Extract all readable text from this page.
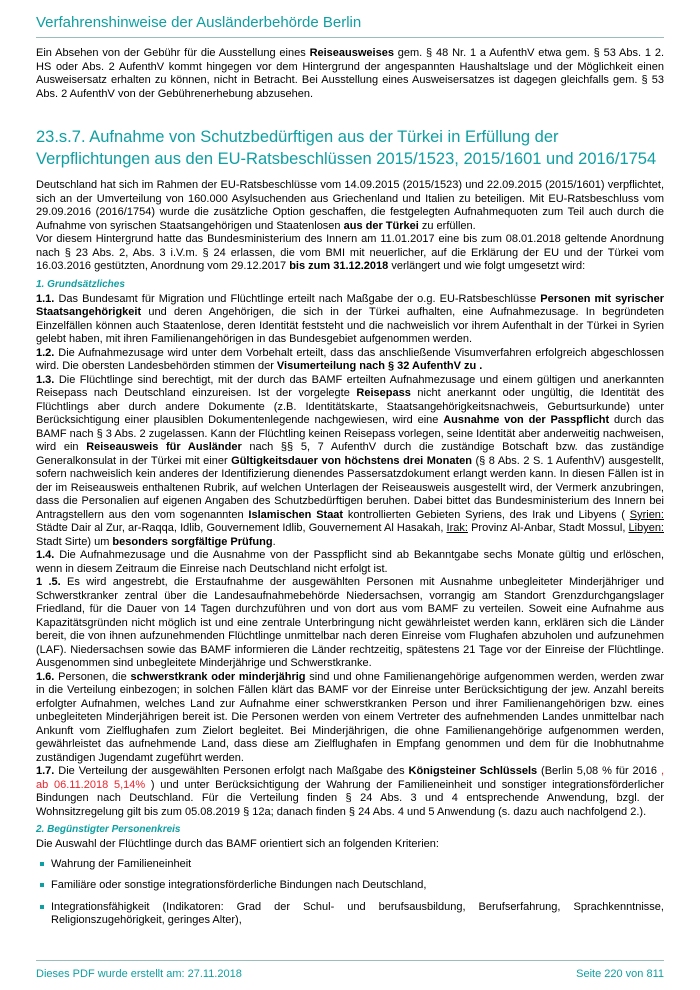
Verfahrenshinweise der Ausländerbehörde Berlin

Ein Absehen von der Gebühr für die Ausstellung eines Reiseausweises gem. § 48 Nr. 1 a AufenthV etwa gem. § 53 Abs. 1 2. HS oder Abs. 2 AufenthV kommt hingegen vor dem Hintergrund der angespannten Haushaltslage und der Möglichkeit einen Ausweisersatz erhalten zu können, nicht in Betracht. Bei Ausstellung eines Ausweisersatzes ist dagegen gleichfalls gem. § 53 Abs. 2 AufenthV von der Gebührenerhebung abzusehen.

23.s.7. Aufnahme von Schutzbedürftigen aus der Türkei in Erfüllung der Verpflichtungen aus den EU-Ratsbeschlüssen 2015/1523, 2015/1601 und 2016/1754

Deutschland hat sich im Rahmen der EU-Ratsbeschlüsse vom 14.09.2015 (2015/1523) und 22.09.2015 (2015/1601) verpflichtet, sich an der Umverteilung von 160.000 Asylsuchenden aus Griechenland und Italien zu beteiligen. Mit EU-Ratsbeschluss vom 29.09.2016 (2016/1754) wurde die zusätzliche Option geschaffen, die festgelegten Aufnahmequoten zum Teil auch durch die Aufnahme von syrischen Staatsangehörigen und Staatenlosen aus der Türkei zu erfüllen.

Vor diesem Hintergrund hatte das Bundesministerium des Innern am 11.01.2017 eine bis zum 08.01.2018 geltende Anordnung nach § 23 Abs. 2, Abs. 3 i.V.m. § 24 erlassen, die vom BMI mit neuerlicher, auf die Erklärung der EU und der Türkei vom 16.03.2016 gestützten, Anordnung vom 29.12.2017 bis zum 31.12.2018 verlängert und wie folgt umgesetzt wird:

1. Grundsätzliches

1.1. Das Bundesamt für Migration und Flüchtlinge erteilt nach Maßgabe der o.g. EU-Ratsbeschlüsse Personen mit syrischer Staatsangehörigkeit und deren Angehörigen, die sich in der Türkei aufhalten, eine Aufnahmezusage. In begründeten Einzelfällen können auch Staatenlose, deren Identität feststeht und die nachweislich vor ihrem Aufenthalt in der Türkei in Syrien gelebt haben, mit ihren Familienangehörigen in das Bundesgebiet aufgenommen werden.

1.2. Die Aufnahmezusage wird unter dem Vorbehalt erteilt, dass das anschließende Visumverfahren erfolgreich abgeschlossen wird. Die obersten Landesbehörden stimmen der Visumerteilung nach § 32 AufenthV zu .

1.3. Die Flüchtlinge sind berechtigt, mit der durch das BAMF erteilten Aufnahmezusage und einem gültigen und anerkannten Reisepass nach Deutschland einzureisen. Ist der vorgelegte Reisepass nicht anerkannt oder ungültig, die Identität des Flüchtlings aber durch andere Dokumente (z.B. Identitätskarte, Staatsangehörigkeitsnachweis, Geburtsurkunde) unter Berücksichtigung einer plausiblen Dokumentenlegende nachgewiesen, wird eine Ausnahme von der Passpflicht durch das BAMF nach § 3 Abs. 2 zugelassen. Kann der Flüchtling keinen Reisepass vorlegen, seine Identität aber anderweitig nachweisen, wird ein Reiseausweis für Ausländer nach §§ 5, 7 AufenthV durch die zuständige Botschaft bzw. das zuständige Generalkonsulat in der Türkei mit einer Gültigkeitsdauer von höchstens drei Monaten (§ 8 Abs. 2 S. 1 AufenthV) ausgestellt, sofern nachweislich kein anderes der Identifizierung dienendes Passersatzdokument erlangt werden kann. In diesen Fällen ist in der im Reiseausweis enthaltenen Rubrik, auf welchen Unterlagen der Reiseausweis ausgestellt wird, der Vermerk anzubringen, dass die Personalien auf eigenen Angaben des Schutzbedürftigen beruhen. Dabei bittet das Bundesministerium des Innern bei Antragstellern aus den vom sogenannten Islamischen Staat kontrollierten Gebieten Syriens, des Irak und Libyens ( Syrien: Städte Dair al Zur, ar-Raqqa, Idlib, Gouvernement Idlib, Gouvernement Al Hasakah, Irak: Provinz Al-Anbar, Stadt Mossul, Libyen: Stadt Sirte) um besonders sorgfältige Prüfung.

1.4. Die Aufnahmezusage und die Ausnahme von der Passpflicht sind ab Bekanntgabe sechs Monate gültig und erlöschen, wenn in diesem Zeitraum die Einreise nach Deutschland nicht erfolgt ist.

1 .5. Es wird angestrebt, die Erstaufnahme der ausgewählten Personen mit Ausnahme unbegleiteter Minderjähriger und Schwerstkranker zentral über die Landesaufnahmebehörde Niedersachsen, vorrangig am Standort Grenzdurchgangslager Friedland, für die Dauer von 14 Tagen durchzuführen und von dort aus vom BAMF zu verteilen. Soweit eine Aufnahme aus Kapazitätsgründen nicht möglich ist und eine zentrale Unterbringung nicht gewährleistet werden kann, erklären sich die Länder bereit, die von ihnen aufzunehmenden Flüchtlinge unmittelbar nach deren Einreise vom Flughafen abzuholen und aufzunehmen (LAF). Niedersachsen sowie das BAMF informieren die Länder rechtzeitig, spätestens 21 Tage vor der Einreise der Flüchtlinge. Ausgenommen sind unbegleitete Minderjährige und Schwerstkranke.

1.6. Personen, die schwerstkrank oder minderjährig sind und ohne Familienangehörige aufgenommen werden, werden zwar in die Verteilung einbezogen; in solchen Fällen klärt das BAMF vor der Einreise unter Berücksichtigung der jew. Anzahl bereits erfolgter Aufnahmen, welches Land zur Aufnahme einer schwerstkranken Person und ihrer Familienangehörigen bzw. eines unbegleiteten Minderjährigen bereit ist. Die Personen werden von einem Vertreter des aufnehmenden Landes unmittelbar nach Ankunft vom Zielflughafen zum Zielort begleitet. Bei Minderjährigen, die ohne Familienangehörige aufgenommen werden, gewährleistet das aufnehmende Land, dass diese am Zielflughafen in Empfang genommen und dem für die Inobhutnahme zuständigen Jugendamt zugeführt werden.

1.7. Die Verteilung der ausgewählten Personen erfolgt nach Maßgabe des Königsteiner Schlüssels (Berlin 5,08 % für 2016 , ab 06.11.2018 5,14% ) und unter Berücksichtigung der Wahrung der Familieneinheit und sonstiger integrationsförderlicher Bindungen nach Deutschland. Für die Verteilung finden § 24 Abs. 3 und 4 entsprechende Anwendung, bzgl. der Wohnsitzregelung gilt bis zum 05.08.2019 § 12a; danach finden § 24 Abs. 4 und 5 Anwendung (s. dazu auch nachfolgend 2.).

2. Begünstigter Personenkreis

Die Auswahl der Flüchtlinge durch das BAMF orientiert sich an folgenden Kriterien:

Wahrung der Familieneinheit
Familiäre oder sonstige integrationsförderliche Bindungen nach Deutschland,
Integrationsfähigkeit (Indikatoren: Grad der Schul- und berufsausbildung, Berufserfahrung, Sprachkenntnisse, Religionszugehörigkeit, geringes Alter),
Dieses PDF wurde erstellt am: 27.11.2018	Seite 220 von 811
